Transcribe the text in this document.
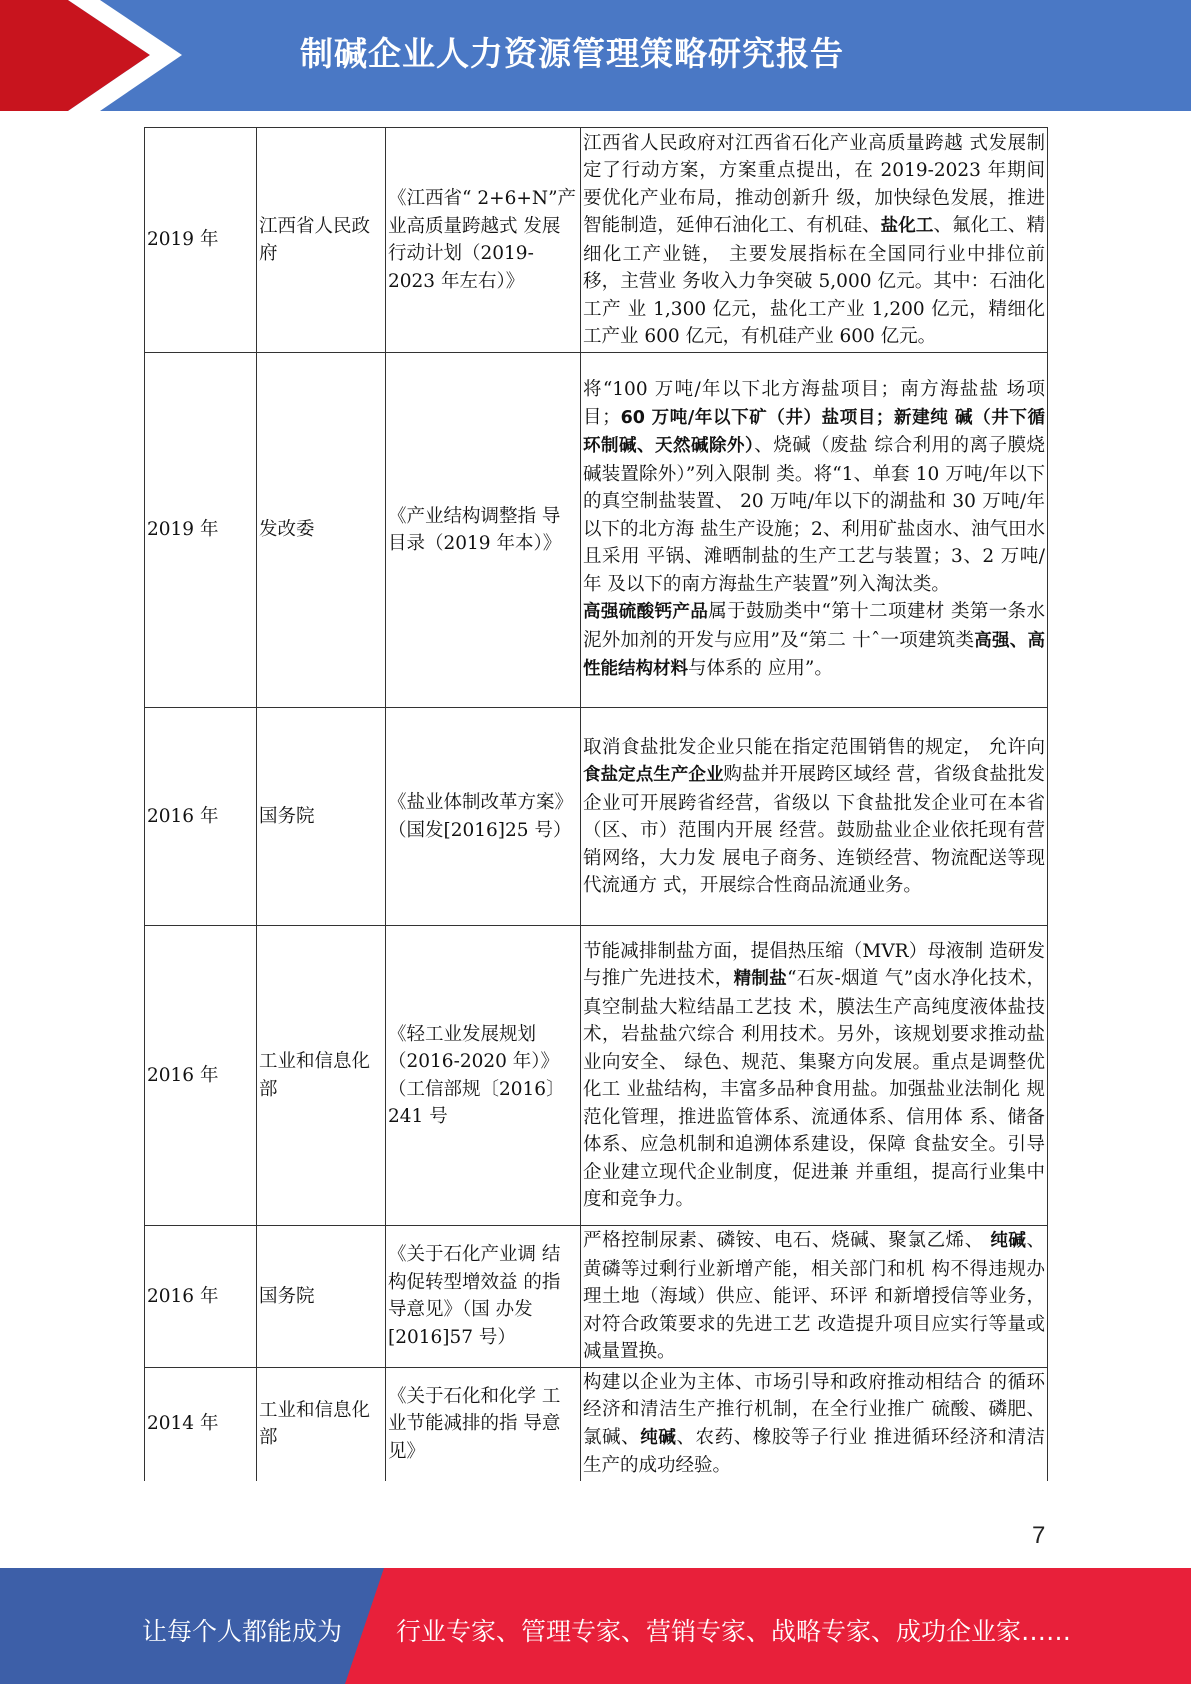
制碱企业人力资源管理策略研究报告
2019 年	江西省人民政府	《江西省“ 2+6+N”产业高质量跨越式 发展行动计划（2019-2023 年左右）》	江西省人民政府对江西省石化产业高质量跨越 式发展制定了行动方案，方案重点提出，在 2019-2023 年期间要优化产业布局，推动创新升 级，加快绿色发展，推进智能制造，延伸石油化工、有机硅、盐化工、氟化工、精细化工产业链， 主要发展指标在全国同行业中排位前移，主营业 务收入力争突破 5,000 亿元。其中：石油化工产 业 1,300 亿元，盐化工产业 1,200 亿元，精细化 工产业 600 亿元，有机硅产业 600 亿元。
2019 年	发改委	《产业结构调整指 导目录（2019 年本）》	将“100 万吨/年以下北方海盐项目；南方海盐盐 场项目；60 万吨/年以下矿（井）盐项目；新建纯 碱（井下循环制碱、天然碱除外）、烧碱（废盐 综合利用的离子膜烧碱装置除外）”列入限制 类。将“1、单套 10 万吨/年以下的真空制盐装置、 20 万吨/年以下的湖盐和 30 万吨/年以下的北方海 盐生产设施；2、利用矿盐卤水、油气田水且采用 平锅、滩晒制盐的生产工艺与装置；3、2 万吨/年 及以下的南方海盐生产装置”列入淘汰类。
高强硫酸钙产品属于鼓励类中“第十二项建材 类第一条水泥外加剂的开发与应用”及“第二 十ˆ一项建筑类高强、高性能结构材料与体系的 应用”。
2016 年	国务院	《盐业体制改革方案》（国发[2016]25 号）	取消食盐批发企业只能在指定范围销售的规定， 允许向食盐定点生产企业购盐并开展跨区域经 营，省级食盐批发企业可开展跨省经营，省级以 下食盐批发企业可在本省（区、市）范围内开展 经营。鼓励盐业企业依托现有营销网络，大力发 展电子商务、连锁经营、物流配送等现代流通方 式，开展综合性商品流通业务。
2016 年	工业和信息化部	《轻工业发展规划（2016-2020 年）》（工信部规〔2016〕 241 号	节能减排制盐方面，提倡热压缩（MVR）母液制 造研发与推广先进技术，精制盐“石灰-烟道 气”卤水净化技术，真空制盐大粒结晶工艺技 术，膜法生产高纯度液体盐技术，岩盐盐穴综合 利用技术。另外，该规划要求推动盐业向安全、 绿色、规范、集聚方向发展。重点是调整优化工 业盐结构，丰富多品种食用盐。加强盐业法制化 规范化管理，推进监管体系、流通体系、信用体 系、储备体系、应急机制和追溯体系建设，保障 食盐安全。引导企业建立现代企业制度，促进兼 并重组，提高行业集中度和竞争力。
2016 年	国务院	《关于石化产业调 结构促转型增效益 的指导意见》（国 办发[2016]57 号）	严格控制尿素、磷铵、电石、烧碱、聚氯乙烯、 纯碱、黄磷等过剩行业新增产能，相关部门和机 构不得违规办理土地（海域）供应、能评、环评 和新增授信等业务，对符合政策要求的先进工艺 改造提升项目应实行等量或减量置换。
2014 年	工业和信息化部	《关于石化和化学 工业节能减排的指 导意见》	构建以企业为主体、市场引导和政府推动相结合 的循环经济和清洁生产推行机制，在全行业推广 硫酸、磷肥、氯碱、纯碱、农药、橡胶等子行业 推进循环经济和清洁生产的成功经验。
7
让每个人都能成为 行业专家、管理专家、营销专家、战略专家、成功企业家……
